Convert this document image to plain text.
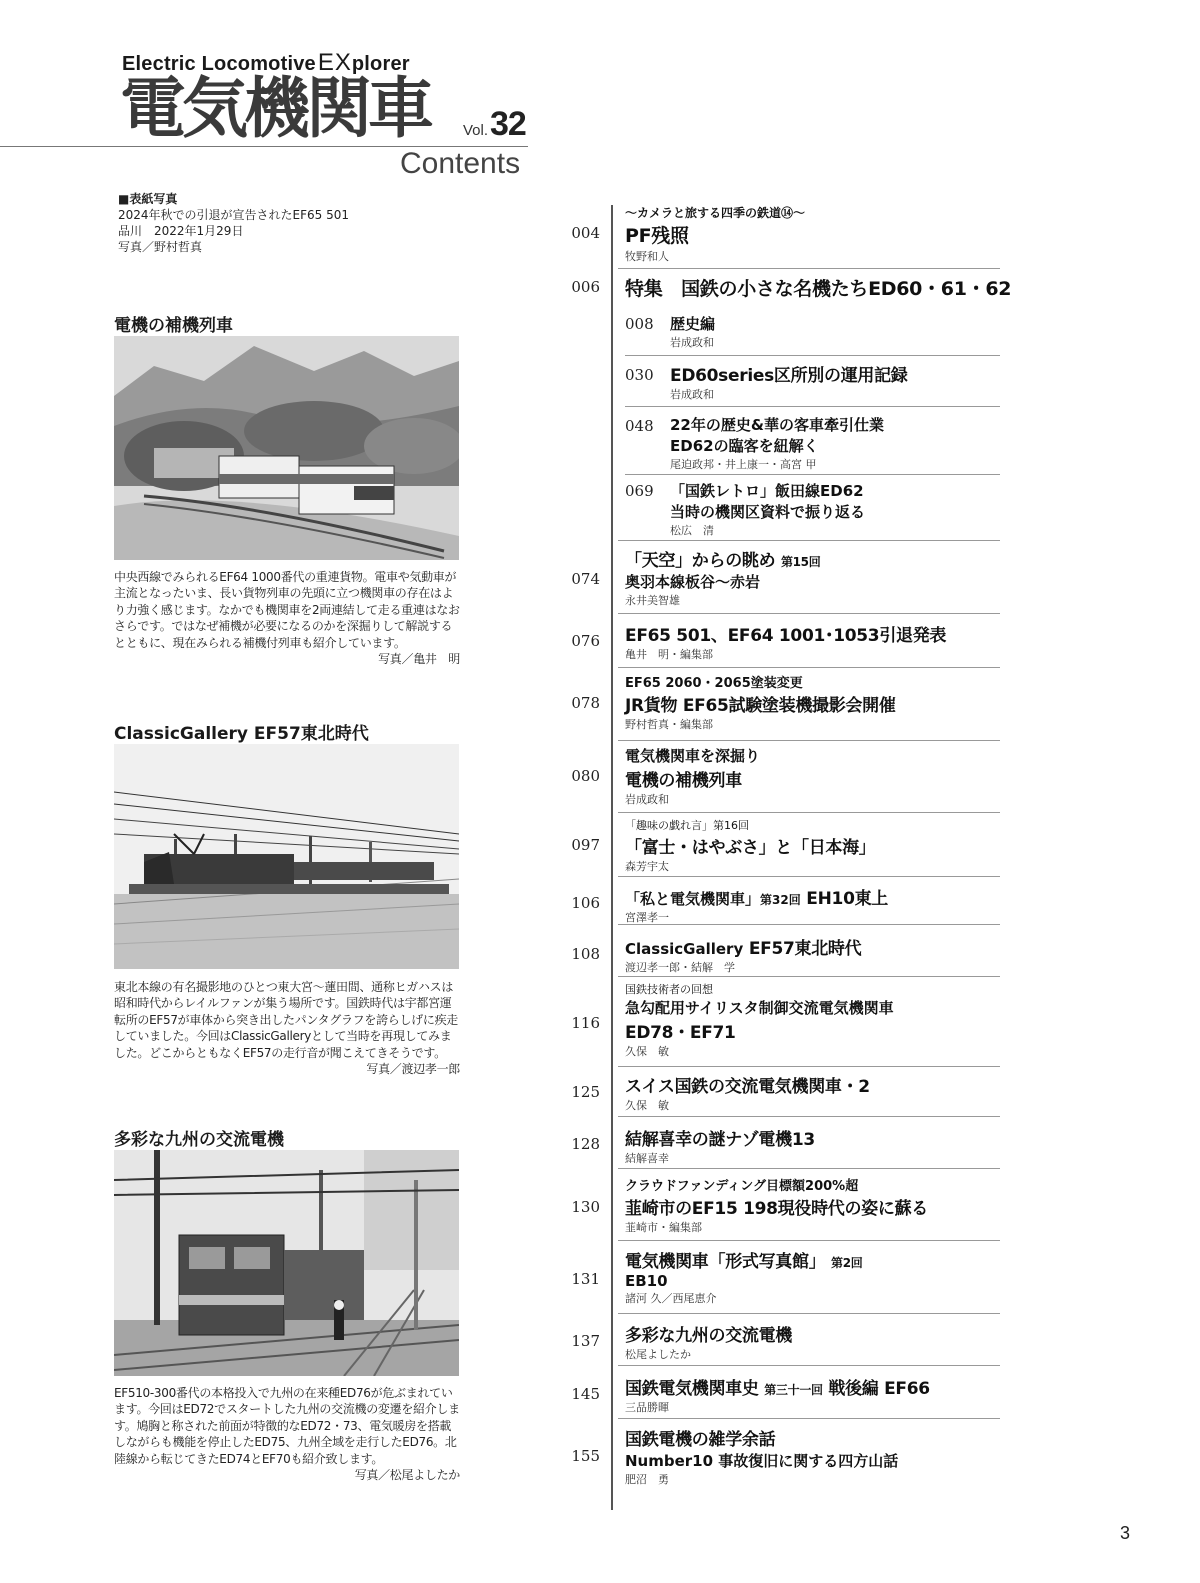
Electric LocomotiveEXplorer
電気機関車 Vol. 32
Contents
■表紙写真
2024年秋での引退が宣告されたEF65 501
品川　2022年1月29日
写真／野村哲真
電機の補機列車
中央西線でみられるEF64 1000番代の重連貨物。電車や気動車が主流となったいま、長い貨物列車の先頭に立つ機関車の存在はより力強く感じます。なかでも機関車を2両連結して走る重連はなおさらです。ではなぜ補機が必要になるのかを深掘りして解説するとともに、現在みられる補機付列車も紹介しています。
写真／亀井　明
ClassicGallery EF57東北時代
東北本線の有名撮影地のひとつ東大宮〜蓮田間、通称ヒガハスは昭和時代からレイルファンが集う場所です。国鉄時代は宇都宮運転所のEF57が車体から突き出したパンタグラフを誇らしげに疾走していました。今回はClassicGalleryとして当時を再現してみました。どこからともなくEF57の走行音が聞こえてきそうです。
写真／渡辺孝一郎
多彩な九州の交流電機
EF510-300番代の本格投入で九州の在来種ED76が危ぶまれています。今回はED72でスタートした九州の交流機の変遷を紹介します。鳩胸と称された前面が特徴的なED72・73、電気暖房を搭載しながらも機能を停止したED75、九州全域を走行したED76。北陸線から転じてきたED74とEF70も紹介致します。
写真／松尾よしたか
004
〜カメラと旅する四季の鉄道⑭〜
PF残照
牧野和人
006 特集　国鉄の小さな名機たちED60・61・62
008 歴史編
岩成政和
030 ED60series区所別の運用記録
岩成政和
048 22年の歴史&華の客車牽引仕業
ED62の臨客を紐解く
尾迫政邦・井上康一・高宮 甲
069 「国鉄レトロ」飯田線ED62
当時の機関区資料で振り返る
松広　清
074
「天空」からの眺め 第15回
奥羽本線板谷〜赤岩
永井美智雄
076 EF65 501、EF64 1001･1053引退発表
亀井　明・編集部
078
EF65 2060・2065塗装変更
JR貨物 EF65試験塗装機撮影会開催
野村哲真・編集部
080
電気機関車を深掘り
電機の補機列車
岩成政和
097
「趣味の戯れ言」第16回
「富士・はやぶさ」と「日本海」
森芳宇太
106 「私と電気機関車」第32回 EH10東上
宮澤孝一
108 ClassicGallery EF57東北時代
渡辺孝一郎・結解　学
116
国鉄技術者の回想
急勾配用サイリスタ制御交流電気機関車
ED78・EF71
久保　敏
125 スイス国鉄の交流電気機関車・2
久保　敏
128 結解喜幸の謎ナゾ電機13
結解喜幸
130
クラウドファンディング目標額200%超
韮崎市のEF15 198現役時代の姿に蘇る
韮崎市・編集部
131
電気機関車「形式写真館」 第2回
EB10
諸河 久／西尾恵介
137 多彩な九州の交流電機
松尾よしたか
145 国鉄電気機関車史 第三十一回 戦後編 EF66
三品勝暉
155
国鉄電機の雑学余話
Number10 事故復旧に関する四方山話
肥沼　勇
3
